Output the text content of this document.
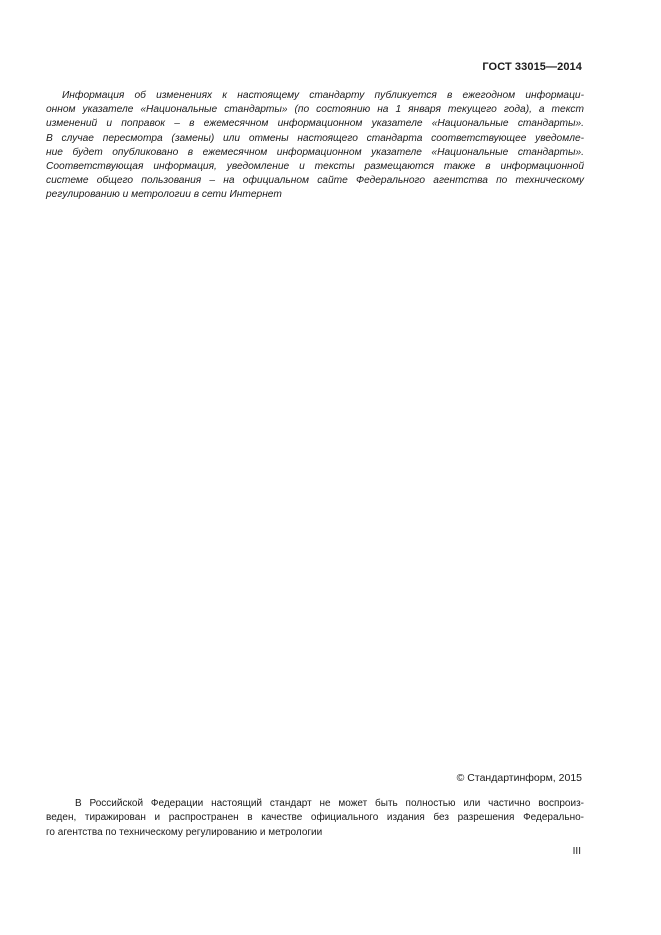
ГОСТ 33015—2014
Информация об изменениях к настоящему стандарту публикуется в ежегодном информаци-
онном указателе «Национальные стандарты» (по состоянию на 1 января текущего года), а текст
изменений и поправок – в ежемесячном информационном указателе «Национальные стандарты».
В случае пересмотра (замены) или отмены настоящего стандарта соответствующее уведомле-
ние будет опубликовано в ежемесячном информационном указателе «Национальные стандарты».
Соответствующая информация, уведомление и тексты размещаются также в информационной
системе общего пользования – на официальном сайте Федерального агентства по техническому
регулированию и метрологии в сети Интернет
© Стандартинформ, 2015
В Российской Федерации настоящий стандарт не может быть полностью или частично воспроиз-
веден, тиражирован и распространен в качестве официального издания без разрешения Федерально-
го агентства по техническому регулированию и метрологии
III
